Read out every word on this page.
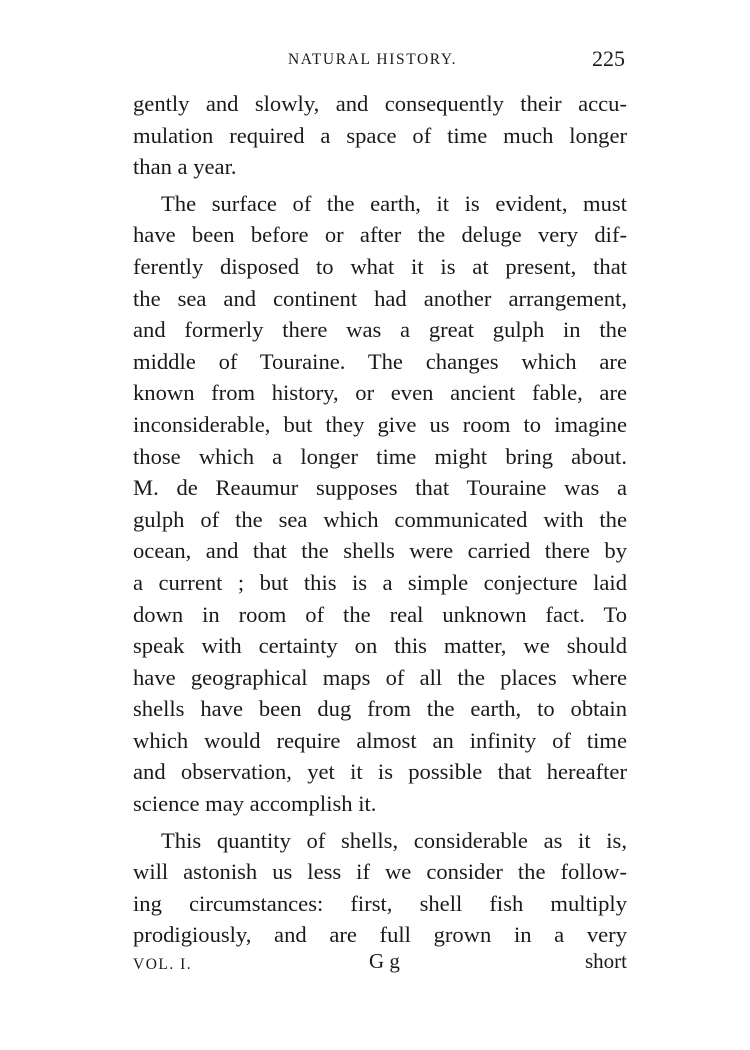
NATURAL HISTORY.	225

gently and slowly, and consequently their accu-
mulation required a space of time much longer
than a year.

The surface of the earth, it is evident, must
have been before or after the deluge very dif-
ferently disposed to what it is at present, that
the sea and continent had another arrangement,
and formerly there was a great gulph in the
middle of Touraine. The changes which are
known from history, or even ancient fable, are
inconsiderable, but they give us room to imagine
those which a longer time might bring about.
M. de Reaumur supposes that Touraine was a
gulph of the sea which communicated with the
ocean, and that the shells were carried there by
a current ; but this is a simple conjecture laid
down in room of the real unknown fact. To
speak with certainty on this matter, we should
have geographical maps of all the places where
shells have been dug from the earth, to obtain
which would require almost an infinity of time
and observation, yet it is possible that hereafter
science may accomplish it.

This quantity of shells, considerable as it is,
will astonish us less if we consider the follow-
ing circumstances: first, shell fish multiply
prodigiously, and are full grown in a very

VOL. I.	G g	short
